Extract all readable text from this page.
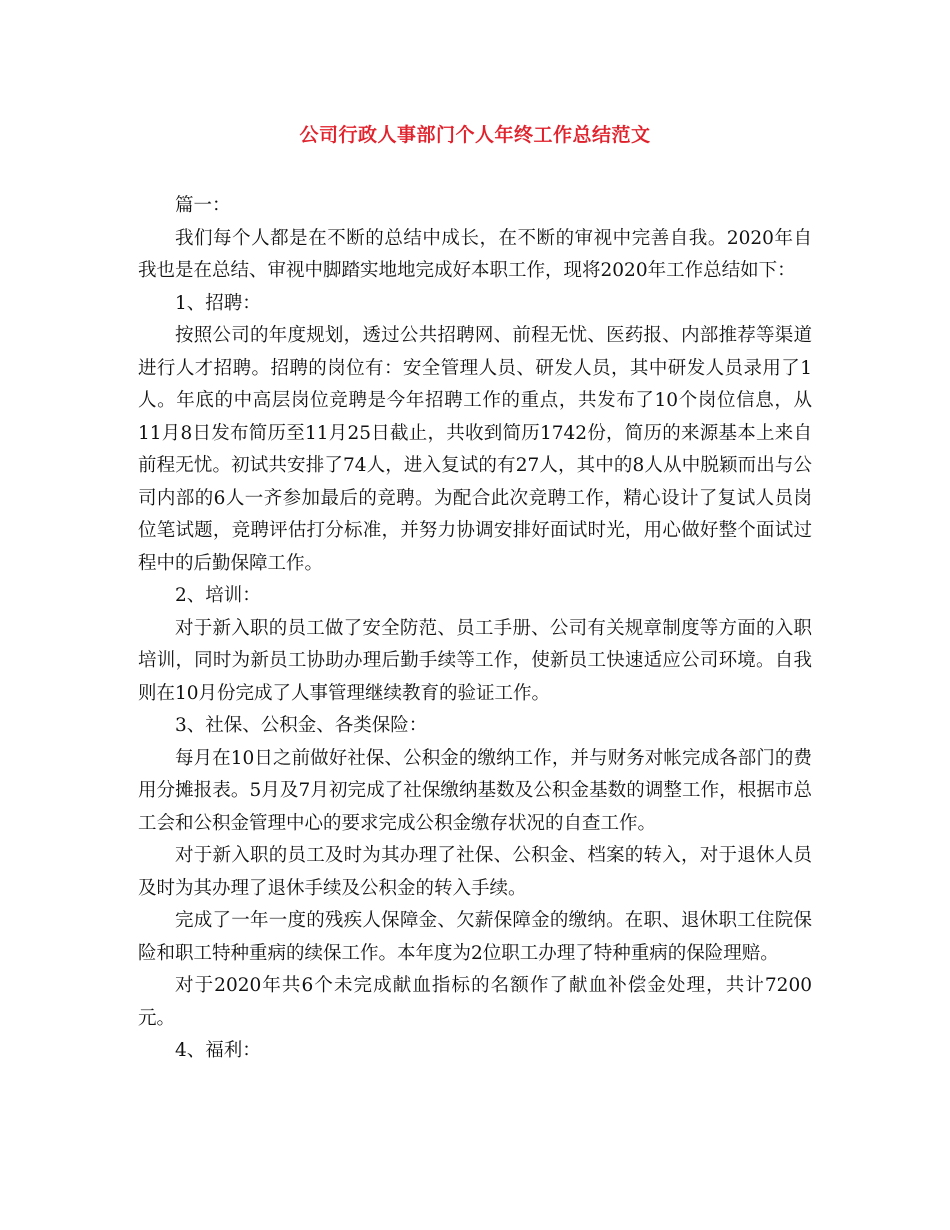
公司行政人事部门个人年终工作总结范文

篇一：

我们每个人都是在不断的总结中成长，在不断的审视中完善自我。2020年自我也是在总结、审视中脚踏实地地完成好本职工作，现将2020年工作总结如下：

1、招聘：

按照公司的年度规划，透过公共招聘网、前程无忧、医药报、内部推荐等渠道进行人才招聘。招聘的岗位有：安全管理人员、研发人员，其中研发人员录用了1人。年底的中高层岗位竞聘是今年招聘工作的重点，共发布了10个岗位信息，从11月8日发布简历至11月25日截止，共收到简历1742份，简历的来源基本上来自前程无忧。初试共安排了74人，进入复试的有27人，其中的8人从中脱颖而出与公司内部的6人一齐参加最后的竞聘。为配合此次竞聘工作，精心设计了复试人员岗位笔试题，竞聘评估打分标准，并努力协调安排好面试时光，用心做好整个面试过程中的后勤保障工作。

2、培训：

对于新入职的员工做了安全防范、员工手册、公司有关规章制度等方面的入职培训，同时为新员工协助办理后勤手续等工作，使新员工快速适应公司环境。自我则在10月份完成了人事管理继续教育的验证工作。

3、社保、公积金、各类保险：

每月在10日之前做好社保、公积金的缴纳工作，并与财务对帐完成各部门的费用分摊报表。5月及7月初完成了社保缴纳基数及公积金基数的调整工作，根据市总工会和公积金管理中心的要求完成公积金缴存状况的自查工作。

对于新入职的员工及时为其办理了社保、公积金、档案的转入，对于退休人员及时为其办理了退休手续及公积金的转入手续。

完成了一年一度的残疾人保障金、欠薪保障金的缴纳。在职、退休职工住院保险和职工特种重病的续保工作。本年度为2位职工办理了特种重病的保险理赔。

对于2020年共6个未完成献血指标的名额作了献血补偿金处理，共计7200元。

4、福利：
